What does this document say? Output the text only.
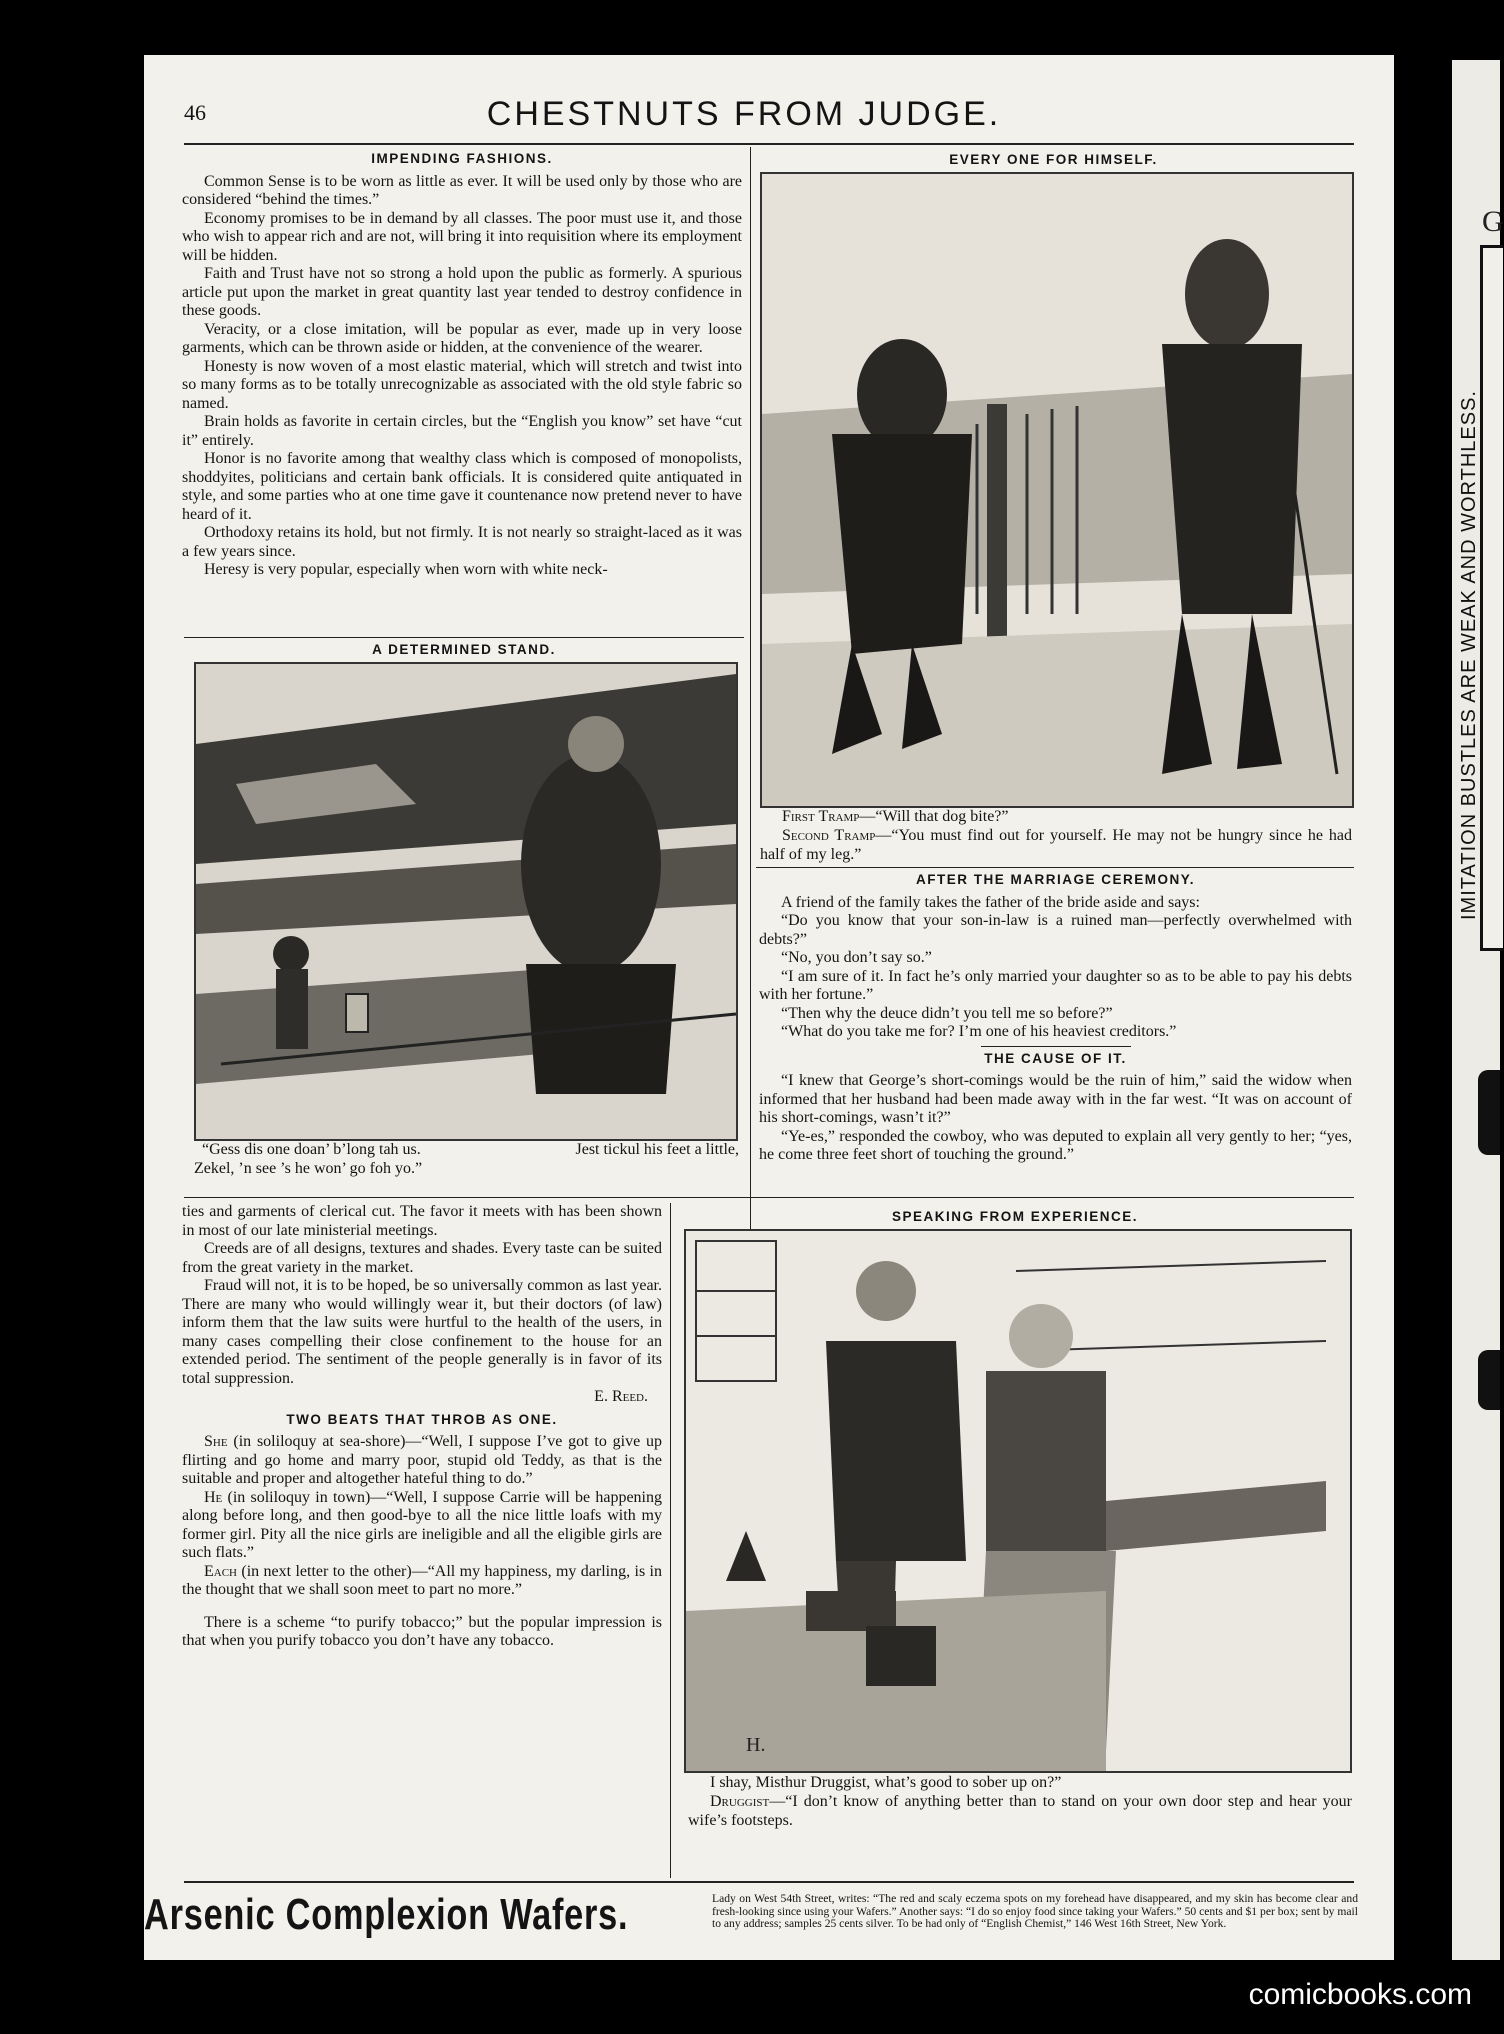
G
IMITATION BUSTLES ARE WEAK AND WORTHLESS.
46	CHESTNUTS FROM JUDGE.
IMPENDING FASHIONS.

Common Sense is to be worn as little as ever. It will be used only by those who are considered “behind the times.”

Economy promises to be in demand by all classes. The poor must use it, and those who wish to appear rich and are not, will bring it into requisition where its employment will be hidden.

Faith and Trust have not so strong a hold upon the public as formerly. A spurious article put upon the market in great quantity last year tended to destroy confidence in these goods.

Veracity, or a close imitation, will be popular as ever, made up in very loose garments, which can be thrown aside or hidden, at the convenience of the wearer.

Honesty is now woven of a most elastic material, which will stretch and twist into so many forms as to be totally unrecognizable as associated with the old style fabric so named.

Brain holds as favorite in certain circles, but the “English you know” set have “cut it” entirely.

Honor is no favorite among that wealthy class which is composed of monopolists, shoddyites, politicians and certain bank officials. It is considered quite antiquated in style, and some parties who at one time gave it countenance now pretend never to have heard of it.

Orthodoxy retains its hold, but not firmly. It is not nearly so straight-laced as it was a few years since.

Heresy is very popular, especially when worn with white neck-

A DETERMINED STAND.

“Gess dis one doan’ b’long tah us.	Jest tickul his feet a little,

Zekel, ’n see ’s he won’ go foh yo.”

EVERY ONE FOR HIMSELF.

First Tramp—“Will that dog bite?”

Second Tramp—“You must find out for yourself. He may not be hungry since he had half of my leg.”

AFTER THE MARRIAGE CEREMONY.

A friend of the family takes the father of the bride aside and says:

“Do you know that your son-in-law is a ruined man—perfectly overwhelmed with debts?”

“No, you don’t say so.”

“I am sure of it. In fact he’s only married your daughter so as to be able to pay his debts with her fortune.”

“Then why the deuce didn’t you tell me so before?”

“What do you take me for? I’m one of his heaviest creditors.”

THE CAUSE OF IT.

“I knew that George’s short-comings would be the ruin of him,” said the widow when informed that her husband had been made away with in the far west. “It was on account of his short-comings, wasn’t it?”

“Ye-es,” responded the cowboy, who was deputed to explain all very gently to her; “yes, he come three feet short of touching the ground.”

ties and garments of clerical cut. The favor it meets with has been shown in most of our late ministerial meetings.

Creeds are of all designs, textures and shades. Every taste can be suited from the great variety in the market.

Fraud will not, it is to be hoped, be so universally common as last year. There are many who would willingly wear it, but their doctors (of law) inform them that the law suits were hurtful to the health of the users, in many cases compelling their close confinement to the house for an extended period. The sentiment of the people generally is in favor of its total suppression.

E. Reed.
TWO BEATS THAT THROB AS ONE.

She (in soliloquy at sea-shore)—“Well, I suppose I’ve got to give up flirting and go home and marry poor, stupid old Teddy, as that is the suitable and proper and altogether hateful thing to do.”

He (in soliloquy in town)—“Well, I suppose Carrie will be happening along before long, and then good-bye to all the nice little loafs with my former girl. Pity all the nice girls are ineligible and all the eligible girls are such flats.”

Each (in next letter to the other)—“All my happiness, my darling, is in the thought that we shall soon meet to part no more.”

There is a scheme “to purify tobacco;” but the popular impression is that when you purify tobacco you don’t have any tobacco.

SPEAKING FROM EXPERIENCE.
H.

I shay, Misthur Druggist, what’s good to sober up on?”

Druggist—“I don’t know of anything better than to stand on your own door step and hear your wife’s footsteps.

Arsenic Complexion Wafers.	Lady on West 54th Street, writes: “The red and scaly eczema spots on my forehead have disappeared, and my skin has become clear and fresh-looking since using your Wafers.” Another says: “I do so enjoy food since taking your Wafers.” 50 cents and $1 per box; sent by mail to any address; samples 25 cents silver. To be had only of “English Chemist,” 146 West 16th Street, New York.
comicbooks.com
